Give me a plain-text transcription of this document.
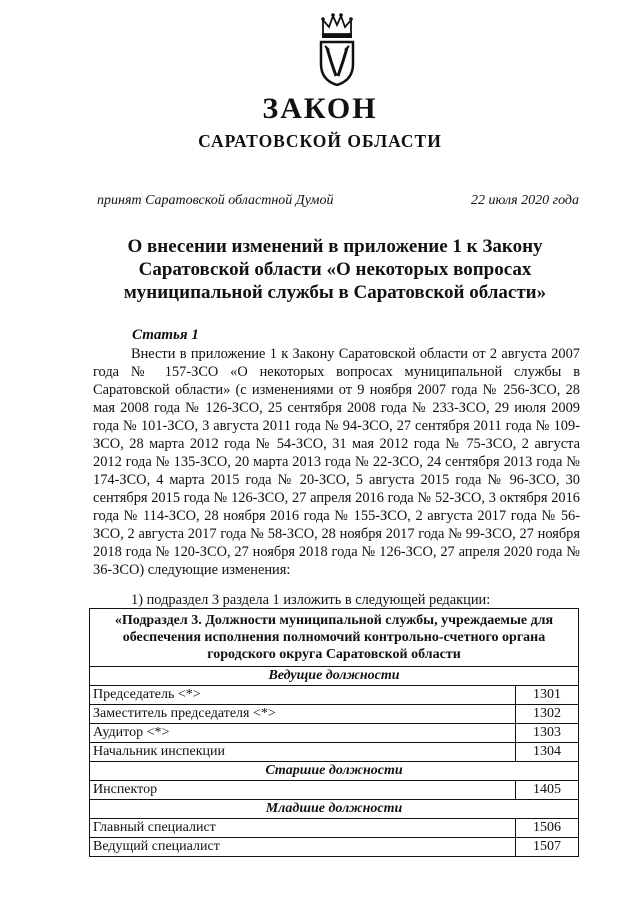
ЗАКОН
САРАТОВСКОЙ ОБЛАСТИ
принят Саратовской областной Думой	22 июля 2020 года
О внесении изменений в приложение 1 к Закону Саратовской области «О некоторых вопросах муниципальной службы в Саратовской области»
Статья 1
Внести в приложение 1 к Закону Саратовской области от 2 августа 2007 года № 157-ЗСО «О некоторых вопросах муниципальной службы в Саратовской области» (с изменениями от 9 ноября 2007 года № 256-ЗСО, 28 мая 2008 года № 126-ЗСО, 25 сентября 2008 года № 233-ЗСО, 29 июля 2009 года № 101-ЗСО, 3 августа 2011 года № 94-ЗСО, 27 сентября 2011 года № 109-ЗСО, 28 марта 2012 года № 54-ЗСО, 31 мая 2012 года № 75-ЗСО, 2 августа 2012 года № 135-ЗСО, 20 марта 2013 года № 22-ЗСО, 24 сентября 2013 года № 174-ЗСО, 4 марта 2015 года № 20-ЗСО, 5 августа 2015 года № 96-ЗСО, 30 сентября 2015 года № 126-ЗСО, 27 апреля 2016 года № 52-ЗСО, 3 октября 2016 года № 114-ЗСО, 28 ноября 2016 года № 155-ЗСО, 2 августа 2017 года № 56-ЗСО, 2 августа 2017 года № 58-ЗСО, 28 ноября 2017 года № 99-ЗСО, 27 ноября 2018 года № 120-ЗСО, 27 ноября 2018 года № 126-ЗСО, 27 апреля 2020 года № 36-ЗСО) следующие изменения:
1) подраздел 3 раздела 1 изложить в следующей редакции:
«Подраздел 3. Должности муниципальной службы, учреждаемые для обеспечения исполнения полномочий контрольно-счетного органа городского округа Саратовской области	
Ведущие должности	
Председатель <*>	1301
Заместитель председателя <*>	1302
Аудитор <*>	1303
Начальник инспекции	1304
Старшие должности	
Инспектор	1405
Младшие должности	
Главный специалист	1506
Ведущий специалист	1507
